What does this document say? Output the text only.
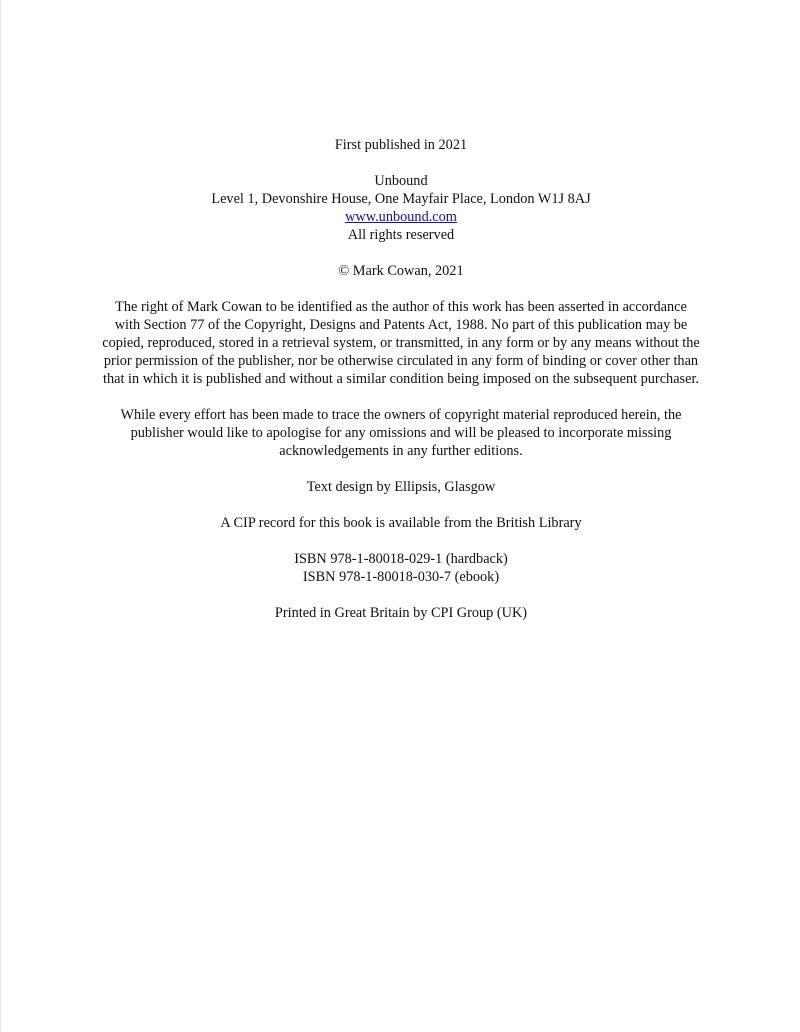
First published in 2021

Unbound

Level 1, Devonshire House, One Mayfair Place, London W1J 8AJ

www.unbound.com

All rights reserved

© Mark Cowan, 2021

The right of Mark Cowan to be identified as the author of this work has been asserted in accordance with Section 77 of the Copyright, Designs and Patents Act, 1988. No part of this publication may be copied, reproduced, stored in a retrieval system, or transmitted, in any form or by any means without the prior permission of the publisher, nor be otherwise circulated in any form of binding or cover other than that in which it is published and without a similar condition being imposed on the subsequent purchaser.

While every effort has been made to trace the owners of copyright material reproduced herein, the publisher would like to apologise for any omissions and will be pleased to incorporate missing acknowledgements in any further editions.

Text design by Ellipsis, Glasgow

A CIP record for this book is available from the British Library

ISBN 978-1-80018-029-1 (hardback)

ISBN 978-1-80018-030-7 (ebook)

Printed in Great Britain by CPI Group (UK)
